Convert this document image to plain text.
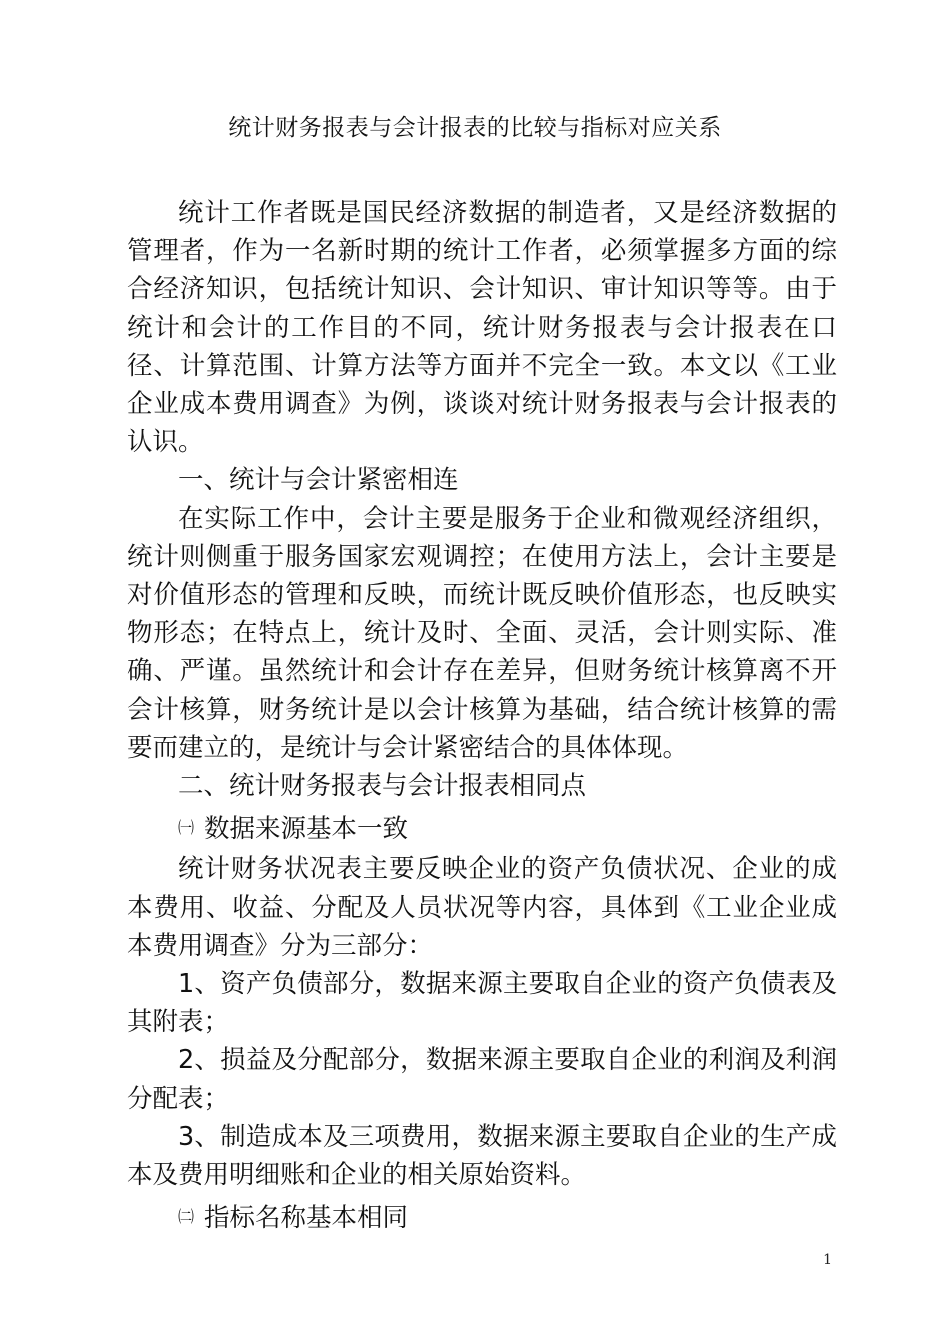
统计财务报表与会计报表的比较与指标对应关系

统计工作者既是国民经济数据的制造者，又是经济数据的管理者，作为一名新时期的统计工作者，必须掌握多方面的综合经济知识，包括统计知识、会计知识、审计知识等等。由于统计和会计的工作目的不同，统计财务报表与会计报表在口径、计算范围、计算方法等方面并不完全一致。本文以《工业企业成本费用调查》为例，谈谈对统计财务报表与会计报表的认识。

一、统计与会计紧密相连

在实际工作中，会计主要是服务于企业和微观经济组织，统计则侧重于服务国家宏观调控；在使用方法上，会计主要是对价值形态的管理和反映，而统计既反映价值形态，也反映实物形态；在特点上，统计及时、全面、灵活，会计则实际、准确、严谨。虽然统计和会计存在差异，但财务统计核算离不开会计核算，财务统计是以会计核算为基础，结合统计核算的需要而建立的，是统计与会计紧密结合的具体体现。

二、统计财务报表与会计报表相同点

㈠ 数据来源基本一致

统计财务状况表主要反映企业的资产负债状况、企业的成本费用、收益、分配及人员状况等内容，具体到《工业企业成本费用调查》分为三部分：

1、资产负债部分，数据来源主要取自企业的资产负债表及其附表；

2、损益及分配部分，数据来源主要取自企业的利润及利润分配表；

3、制造成本及三项费用，数据来源主要取自企业的生产成本及费用明细账和企业的相关原始资料。

㈡ 指标名称基本相同

1
